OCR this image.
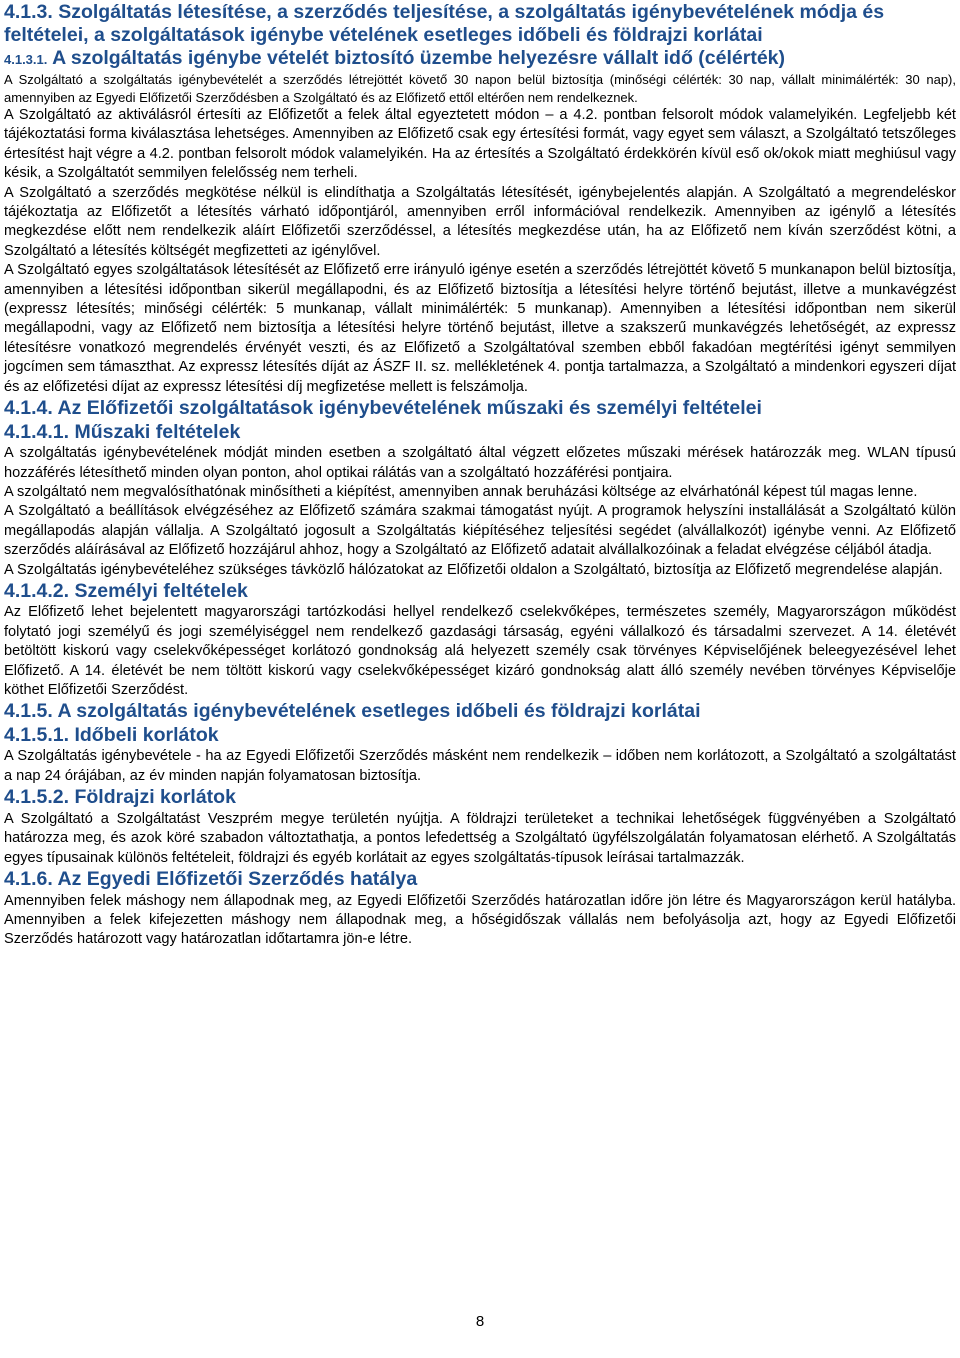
4.1.3. Szolgáltatás létesítése, a szerződés teljesítése, a szolgáltatás igénybevételének módja és feltételei, a szolgáltatások igénybe vételének esetleges időbeli és földrajzi korlátai
4.1.3.1. A szolgáltatás igénybe vételét biztosító üzembe helyezésre vállalt idő (célérték)

A Szolgáltató a szolgáltatás igénybevételét a szerződés létrejöttét követő 30 napon belül biztosítja (minőségi célérték: 30 nap, vállalt minimálérték: 30 nap), amennyiben az Egyedi Előfizetői Szerződésben a Szolgáltató és az Előfizető ettől eltérően nem rendelkeznek.

A Szolgáltató az aktiválásról értesíti az Előfizetőt a felek által egyeztetett módon – a 4.2. pontban felsorolt módok valamelyikén. Legfeljebb két tájékoztatási forma kiválasztása lehetséges. Amennyiben az Előfizető csak egy értesítési formát, vagy egyet sem választ, a Szolgáltató tetszőleges értesítést hajt végre a 4.2. pontban felsorolt módok valamelyikén. Ha az értesítés a Szolgáltató érdekkörén kívül eső ok/okok miatt meghiúsul vagy késik, a Szolgáltatót semmilyen felelősség nem terheli.

A Szolgáltató a szerződés megkötése nélkül is elindíthatja a Szolgáltatás létesítését, igénybejelentés alapján. A Szolgáltató a megrendeléskor tájékoztatja az Előfizetőt a létesítés várható időpontjáról, amennyiben erről információval rendelkezik. Amennyiben az igénylő a létesítés megkezdése előtt nem rendelkezik aláírt Előfizetői szerződéssel, a létesítés megkezdése után, ha az Előfizető nem kíván szerződést kötni, a Szolgáltató a létesítés költségét megfizetteti az igénylővel.

A Szolgáltató egyes szolgáltatások létesítését az Előfizető erre irányuló igénye esetén a szerződés létrejöttét követő 5 munkanapon belül biztosítja, amennyiben a létesítési időpontban sikerül megállapodni, és az Előfizető biztosítja a létesítési helyre történő bejutást, illetve a munkavégzést (expressz létesítés; minőségi célérték: 5 munkanap, vállalt minimálérték: 5 munkanap). Amennyiben a létesítési időpontban nem sikerül megállapodni, vagy az Előfizető nem biztosítja a létesítési helyre történő bejutást, illetve a szakszerű munkavégzés lehetőségét, az expressz létesítésre vonatkozó megrendelés érvényét veszti, és az Előfizető a Szolgáltatóval szemben ebből fakadóan megtérítési igényt semmilyen jogcímen sem támaszthat. Az expressz létesítés díját az ÁSZF II. sz. mellékletének 4. pontja tartalmazza, a Szolgáltató a mindenkori egyszeri díjat és az előfizetési díjat az expressz létesítési díj megfizetése mellett is felszámolja.

4.1.4. Az Előfizetői szolgáltatások igénybevételének műszaki és személyi feltételei
4.1.4.1. Műszaki feltételek

A szolgáltatás igénybevételének módját minden esetben a szolgáltató által végzett előzetes műszaki mérések határozzák meg. WLAN típusú hozzáférés létesíthető minden olyan ponton, ahol optikai rálátás van a szolgáltató hozzáférési pontjaira.

A szolgáltató nem megvalósíthatónak minősítheti a kiépítést, amennyiben annak beruházási költsége az elvárhatónál képest túl magas lenne.

A Szolgáltató a beállítások elvégzéséhez az Előfizető számára szakmai támogatást nyújt. A programok helyszíni installálását a Szolgáltató külön megállapodás alapján vállalja. A Szolgáltató jogosult a Szolgáltatás kiépítéséhez teljesítési segédet (alvállalkozót) igénybe venni. Az Előfizető szerződés aláírásával az Előfizető hozzájárul ahhoz, hogy a Szolgáltató az Előfizető adatait alvállalkozóinak a feladat elvégzése céljából átadja.

A Szolgáltatás igénybevételéhez szükséges távközlő hálózatokat az Előfizetői oldalon a Szolgáltató, biztosítja az Előfizető megrendelése alapján.

4.1.4.2. Személyi feltételek

Az Előfizető lehet bejelentett magyarországi tartózkodási hellyel rendelkező cselekvőképes, természetes személy, Magyarországon működést folytató jogi személyű és jogi személyiséggel nem rendelkező gazdasági társaság, egyéni vállalkozó és társadalmi szervezet. A 14. életévét betöltött kiskorú vagy cselekvőképességet korlátozó gondnokság alá helyezett személy csak törvényes Képviselőjének beleegyezésével lehet Előfizető. A 14. életévét be nem töltött kiskorú vagy cselekvőképességet kizáró gondnokság alatt álló személy nevében törvényes Képviselője köthet Előfizetői Szerződést.

4.1.5. A szolgáltatás igénybevételének esetleges időbeli és földrajzi korlátai
4.1.5.1. Időbeli korlátok

A Szolgáltatás igénybevétele - ha az Egyedi Előfizetői Szerződés másként nem rendelkezik – időben nem korlátozott, a Szolgáltató a szolgáltatást a nap 24 órájában, az év minden napján folyamatosan biztosítja.

4.1.5.2. Földrajzi korlátok

A Szolgáltató a Szolgáltatást Veszprém megye területén nyújtja. A földrajzi területeket a technikai lehetőségek függvényében a Szolgáltató határozza meg, és azok köré szabadon változtathatja, a pontos lefedettség a Szolgáltató ügyfélszolgálatán folyamatosan elérhető. A Szolgáltatás egyes típusainak különös feltételeit, földrajzi és egyéb korlátait az egyes szolgáltatás-típusok leírásai tartalmazzák.

4.1.6. Az Egyedi Előfizetői Szerződés hatálya

Amennyiben felek máshogy nem állapodnak meg, az Egyedi Előfizetői Szerződés határozatlan időre jön létre és Magyarországon kerül hatályba. Amennyiben a felek kifejezetten máshogy nem állapodnak meg, a hőségidőszak vállalás nem befolyásolja azt, hogy az Egyedi Előfizetői Szerződés határozott vagy határozatlan időtartamra jön-e létre.

8
